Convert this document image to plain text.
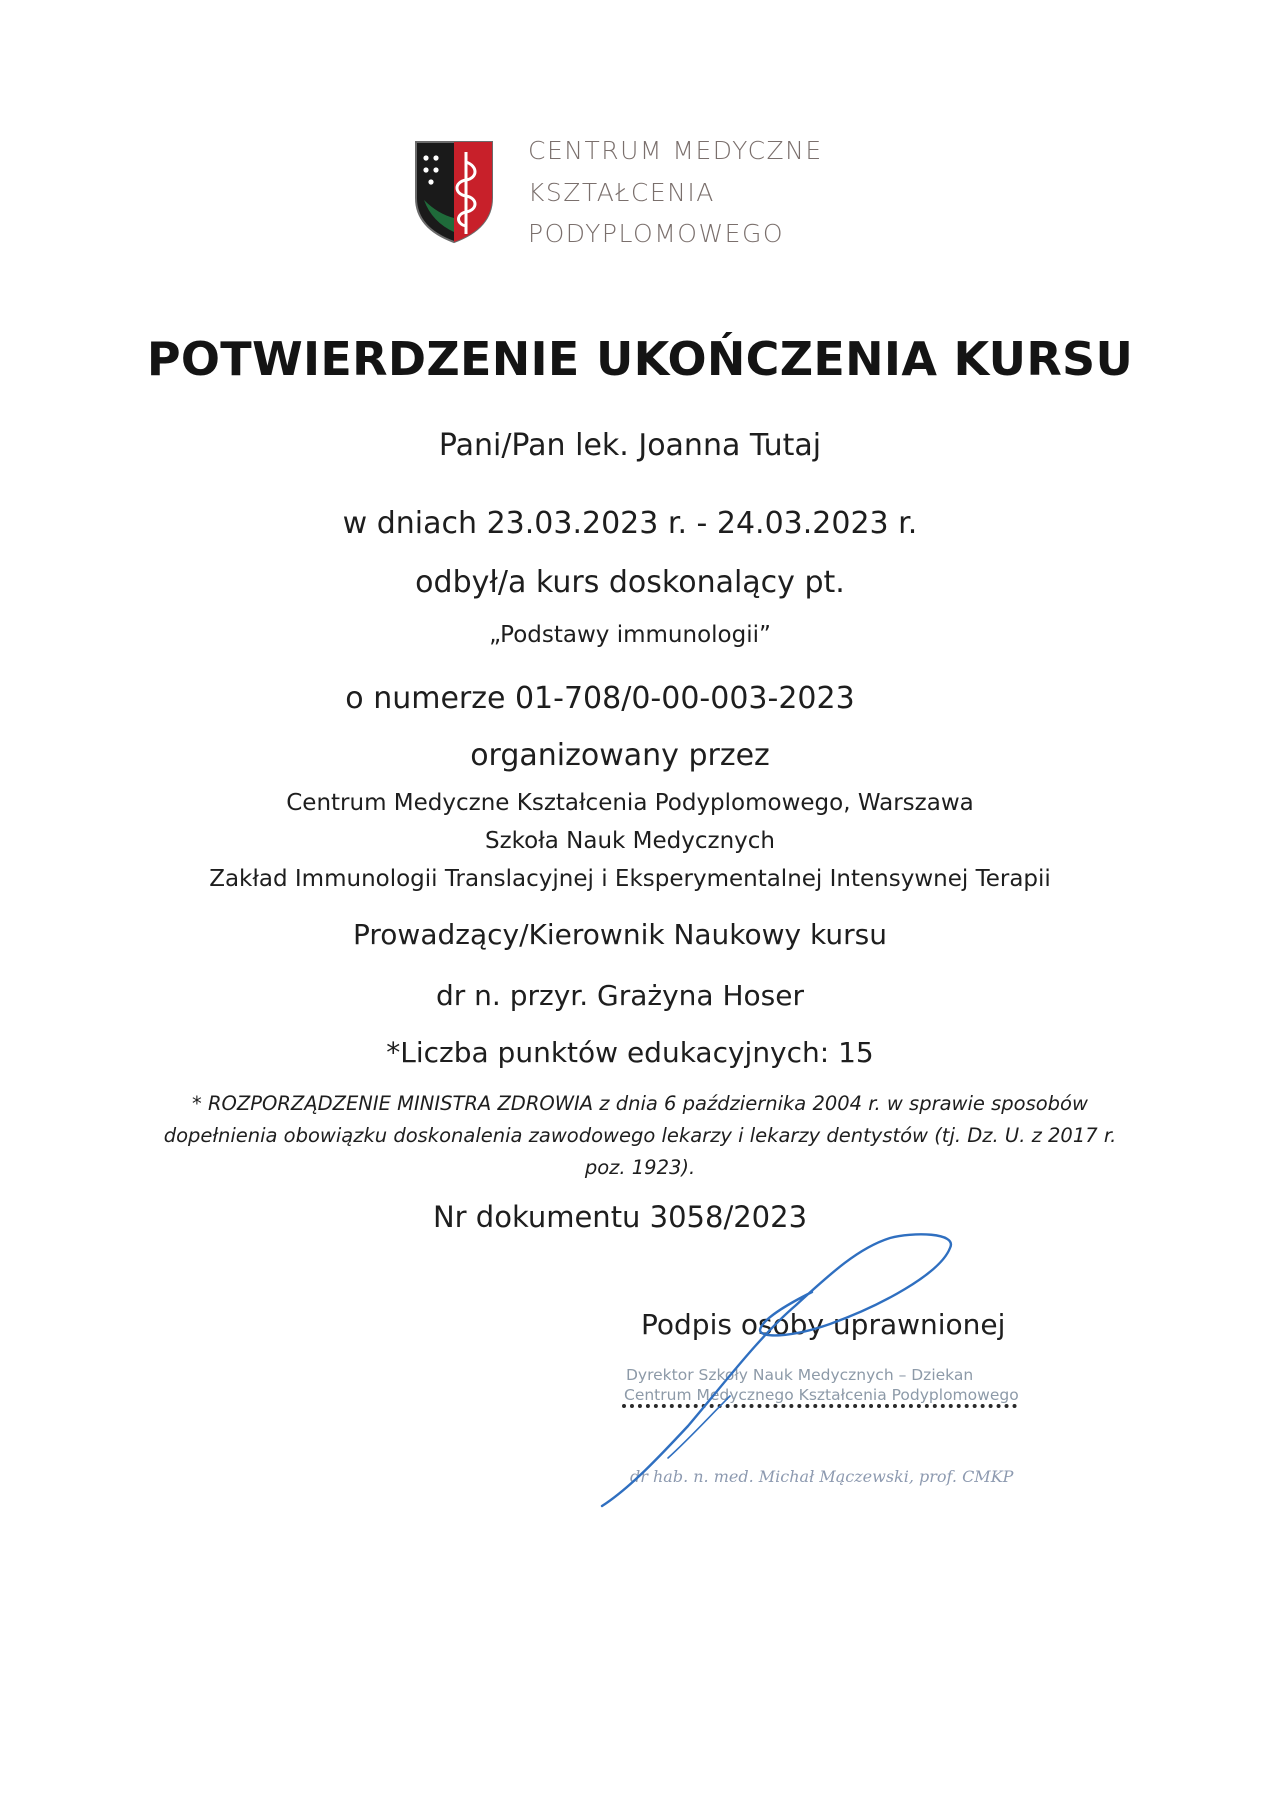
CENTRUM MEDYCZNE
KSZTAŁCENIA
PODYPLOMOWEGO
POTWIERDZENIE UKOŃCZENIA KURSU
Pani/Pan lek. Joanna Tutaj
w dniach 23.03.2023 r. - 24.03.2023 r.
odbył/a kurs doskonalący pt.
„Podstawy immunologii”
o numerze 01-708/0-00-003-2023
organizowany przez
Centrum Medyczne Kształcenia Podyplomowego, Warszawa
Szkoła Nauk Medycznych
Zakład Immunologii Translacyjnej i Eksperymentalnej Intensywnej Terapii
Prowadzący/Kierownik Naukowy kursu
dr n. przyr. Grażyna Hoser
*Liczba punktów edukacyjnych: 15
* ROZPORZĄDZENIE MINISTRA ZDROWIA z dnia 6 października 2004 r. w sprawie sposobów
dopełnienia obowiązku doskonalenia zawodowego lekarzy i lekarzy dentystów (tj. Dz. U. z 2017 r.
poz. 1923).
Nr dokumentu 3058/2023
Podpis osoby uprawnionej
Dyrektor Szkoły Nauk Medycznych – Dziekan
Centrum Medycznego Kształcenia Podyplomowego
dr hab. n. med. Michał Mączewski, prof. CMKP
